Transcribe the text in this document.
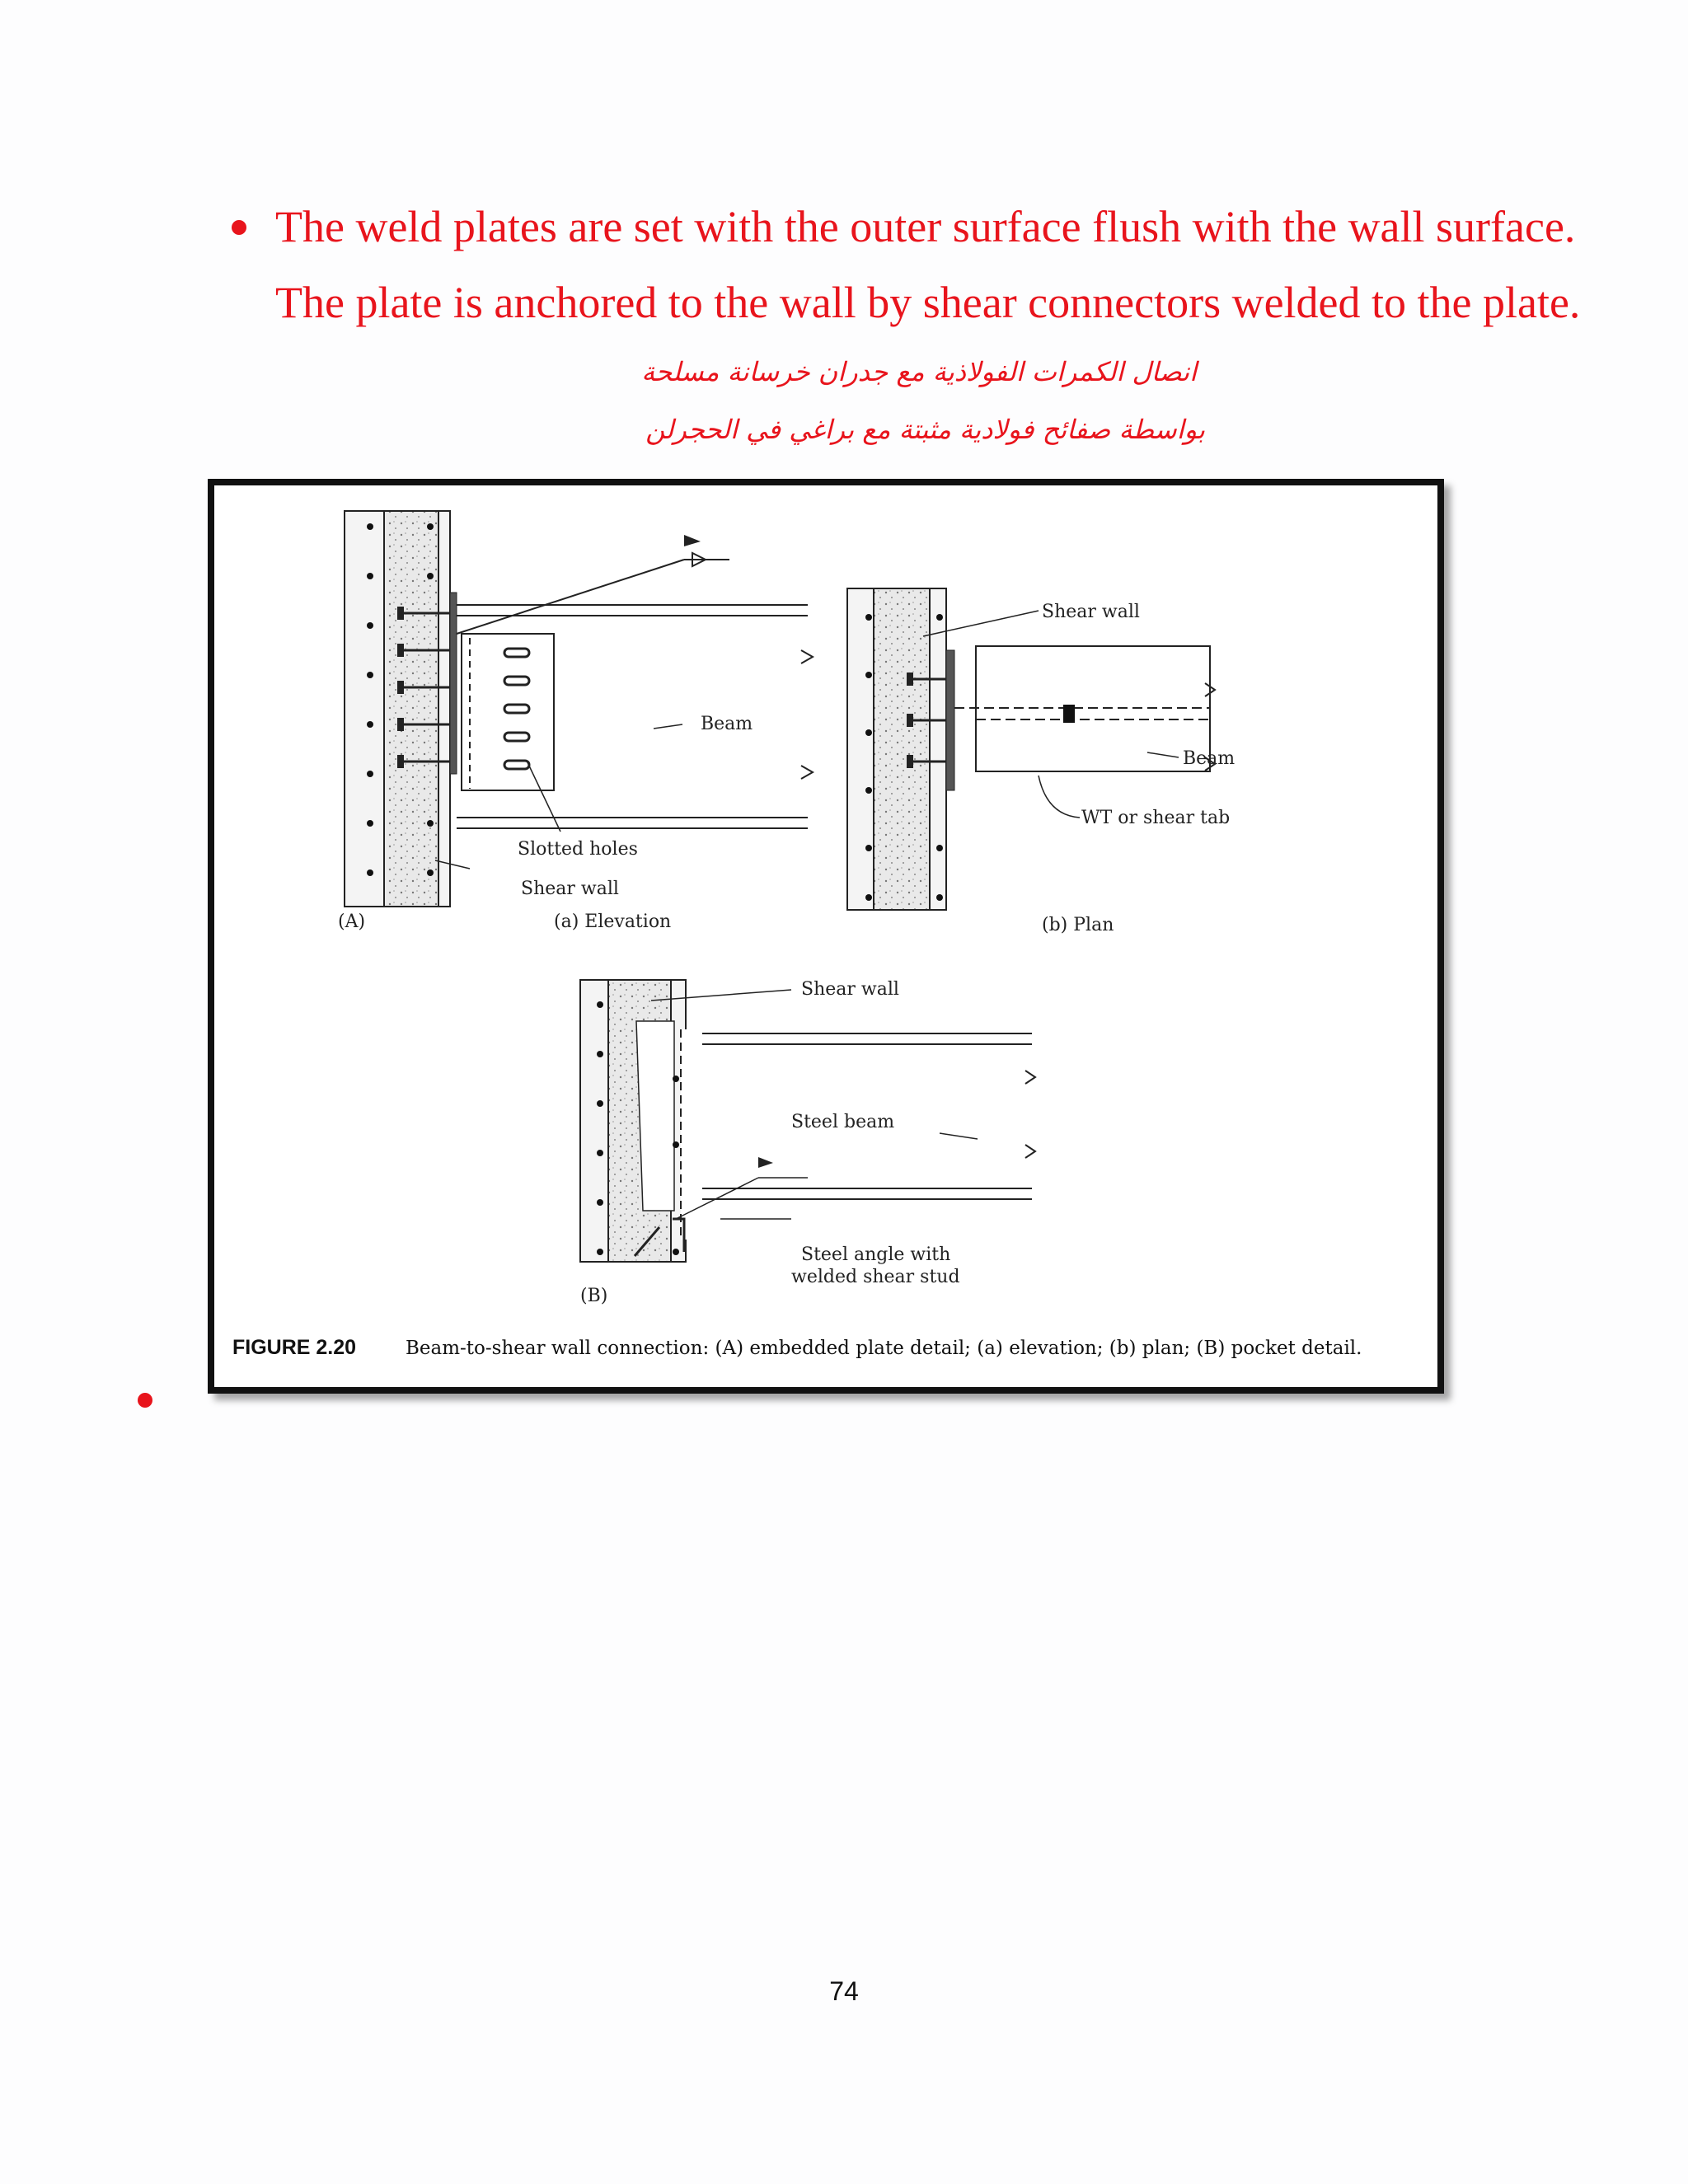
The weld plates are set with the outer surface flush with the wall surface.
The plate is anchored to the wall by shear connectors welded to the plate.
انصال الكمرات الفولاذية مع جدران خرسانة مسلحة
بواسطة صفائح فولادية مثبتة مع براغي في الحجرلن
Beam
Slotted holes
Shear wall
(A)	(a) Elevation
Shear wall
Beam
WT or shear tab
(b) Plan
Shear wall
Steel beam
Steel angle with
welded shear stud
(B)
FIGURE 2.20	Beam-to-shear wall connection: (A) embedded plate detail; (a) elevation; (b) plan; (B) pocket detail.
74
